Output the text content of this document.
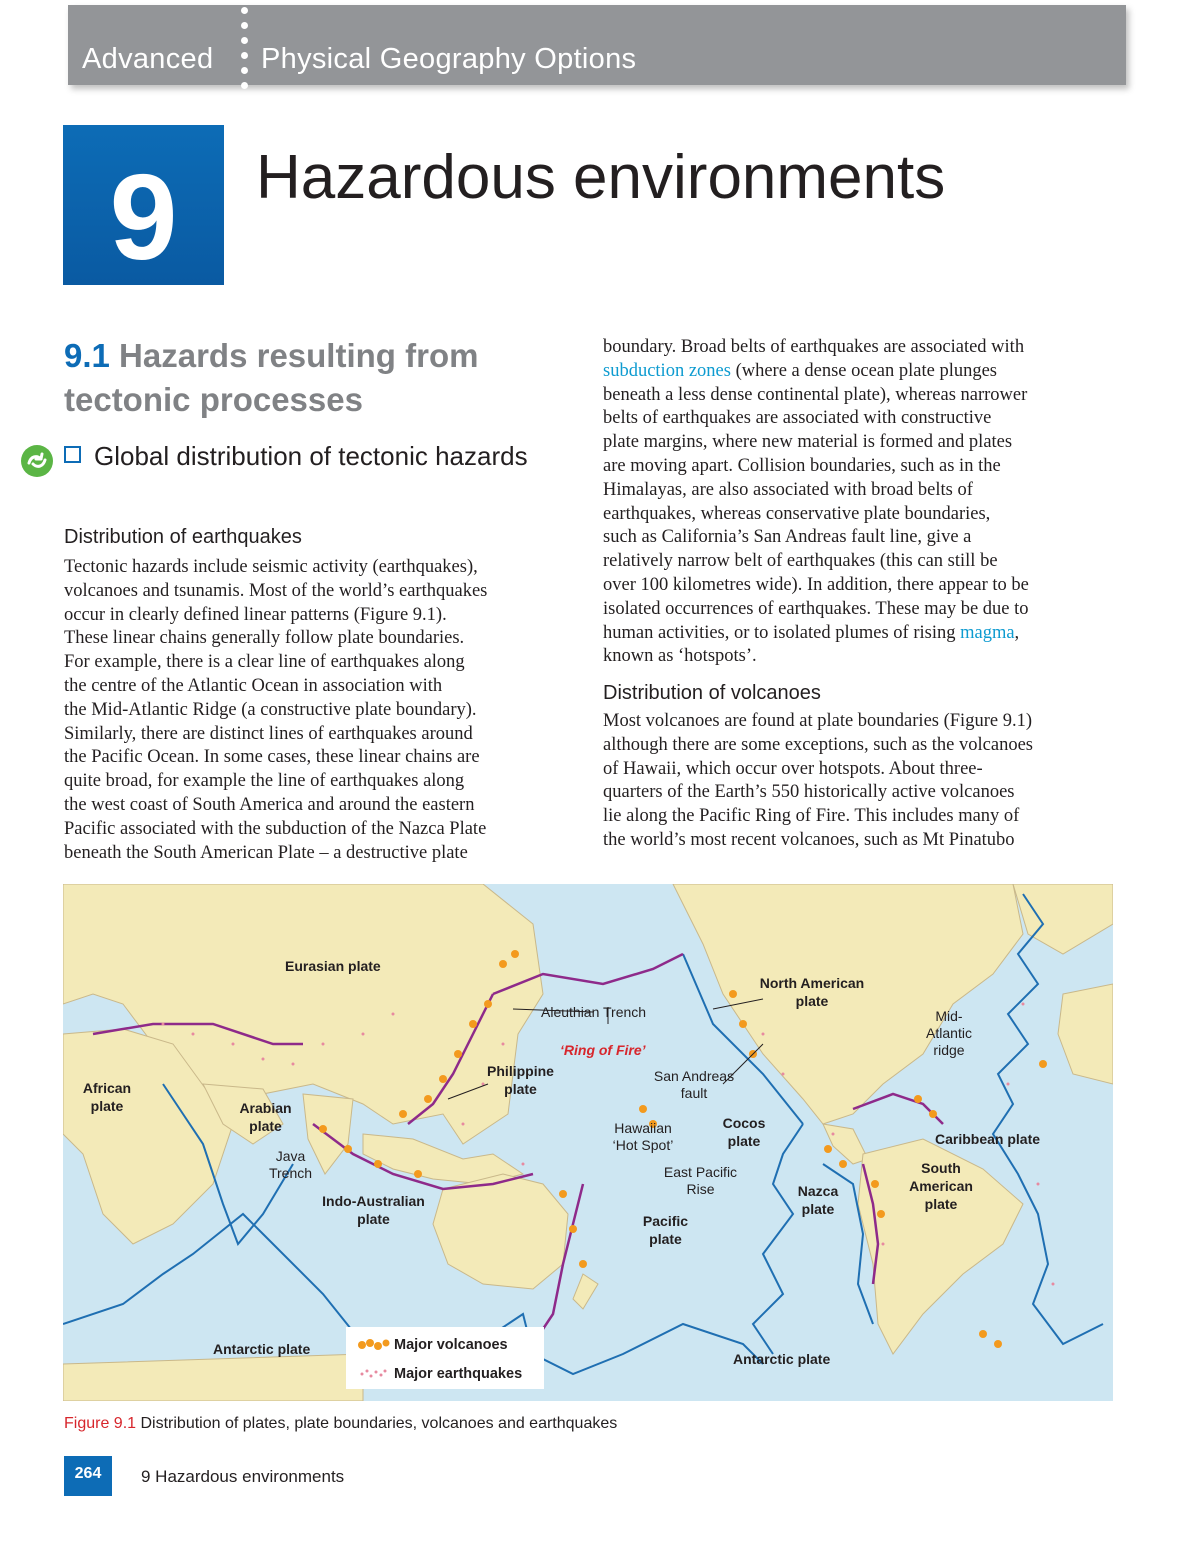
Advanced Physical Geography Options
9	Hazardous environments
9.1 Hazards resulting from tectonic processes
Global distribution of tectonic hazards
Distribution of earthquakes
Tectonic hazards include seismic activity (earthquakes),
volcanoes and tsunamis. Most of the world’s earthquakes
occur in clearly defined linear patterns (Figure 9.1).
These linear chains generally follow plate boundaries.
For example, there is a clear line of earthquakes along
the centre of the Atlantic Ocean in association with
the Mid-Atlantic Ridge (a constructive plate boundary).
Similarly, there are distinct lines of earthquakes around
the Pacific Ocean. In some cases, these linear chains are
quite broad, for example the line of earthquakes along
the west coast of South America and around the eastern
Pacific associated with the subduction of the Nazca Plate
beneath the South American Plate – a destructive plate
boundary. Broad belts of earthquakes are associated with
subduction zones (where a dense ocean plate plunges
beneath a less dense continental plate), whereas narrower
belts of earthquakes are associated with constructive
plate margins, where new material is formed and plates
are moving apart. Collision boundaries, such as in the
Himalayas, are also associated with broad belts of
earthquakes, whereas conservative plate boundaries,
such as California’s San Andreas fault line, give a
relatively narrow belt of earthquakes (this can still be
over 100 kilometres wide). In addition, there appear to be
isolated occurrences of earthquakes. These may be due to
human activities, or to isolated plumes of rising magma,
known as ‘hotspots’.
Distribution of volcanoes
Most volcanoes are found at plate boundaries (Figure 9.1)
although there are some exceptions, such as the volcanoes
of Hawaii, which occur over hotspots. About three-
quarters of the Earth’s 550 historically active volcanoes
lie along the Pacific Ring of Fire. This includes many of
the world’s most recent volcanoes, such as Mt Pinatubo
Eurasian plate
North American plate
African plate	Arabian plate
Philippine plate
Indo-Australian plate	Pacific plate
Cocos plate
Nazca plate
Caribbean plate
South American plate
Antarctic plate
Antarctic plate
Aleuthian Trench
‘Ring of Fire’
San Andreas fault
Hawaiian ‘Hot Spot’
East Pacific Rise
Java Trench
Mid-Atlantic ridge
Major volcanoes
Major earthquakes
Figure 9.1 Distribution of plates, plate boundaries, volcanoes and earthquakes
264	9 Hazardous environments
